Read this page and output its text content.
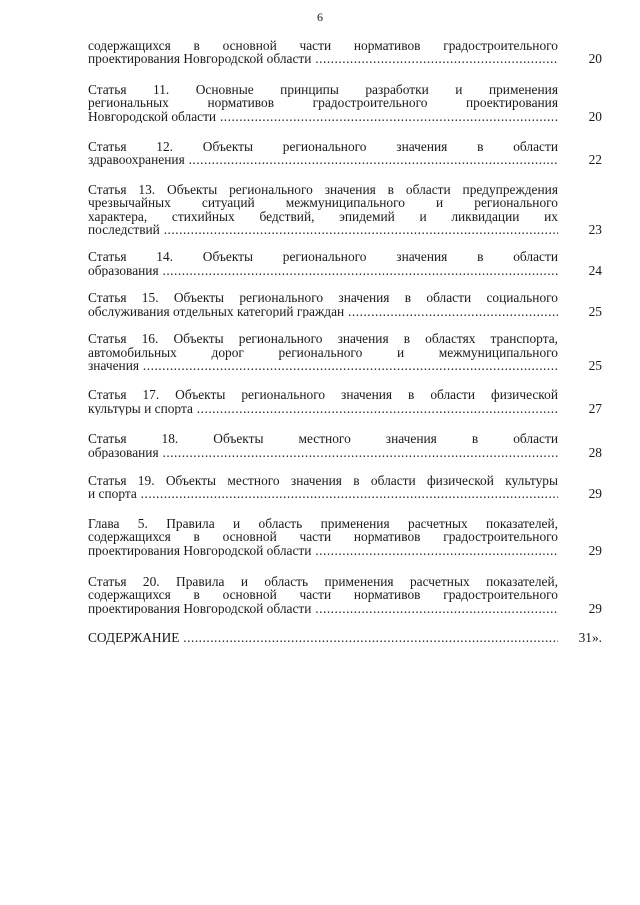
6
содержащихся в основной части нормативов градостроительного
проектирования Новгородской области .....	20
Статья 11. Основные принципы разработки и применения
региональных нормативов градостроительного проектирования
Новгородской области .....	20
Статья 12. Объекты регионального значения в области
здравоохранения .....	22
Статья 13. Объекты регионального значения в области предупреждения
чрезвычайных ситуаций межмуниципального и регионального
характера, стихийных бедствий, эпидемий и ликвидации их
последствий .....	23
Статья 14. Объекты регионального значения в области
образования .....	24
Статья 15. Объекты регионального значения в области социального
обслуживания отдельных категорий граждан .....	25
Статья 16. Объекты регионального значения в областях транспорта,
автомобильных дорог регионального и межмуниципального
значения .....	25
Статья 17. Объекты регионального значения в области физической
культуры и спорта .....	27
Статья 18. Объекты местного значения в области
образования .....	28
Статья 19. Объекты местного значения в области физической культуры
и спорта .....	29
Глава 5. Правила и область применения расчетных показателей,
содержащихся в основной части нормативов градостроительного
проектирования Новгородской области .....	29
Статья 20. Правила и область применения расчетных показателей,
содержащихся в основной части нормативов градостроительного
проектирования Новгородской области .....	29
СОДЕРЖАНИЕ .....	31».
